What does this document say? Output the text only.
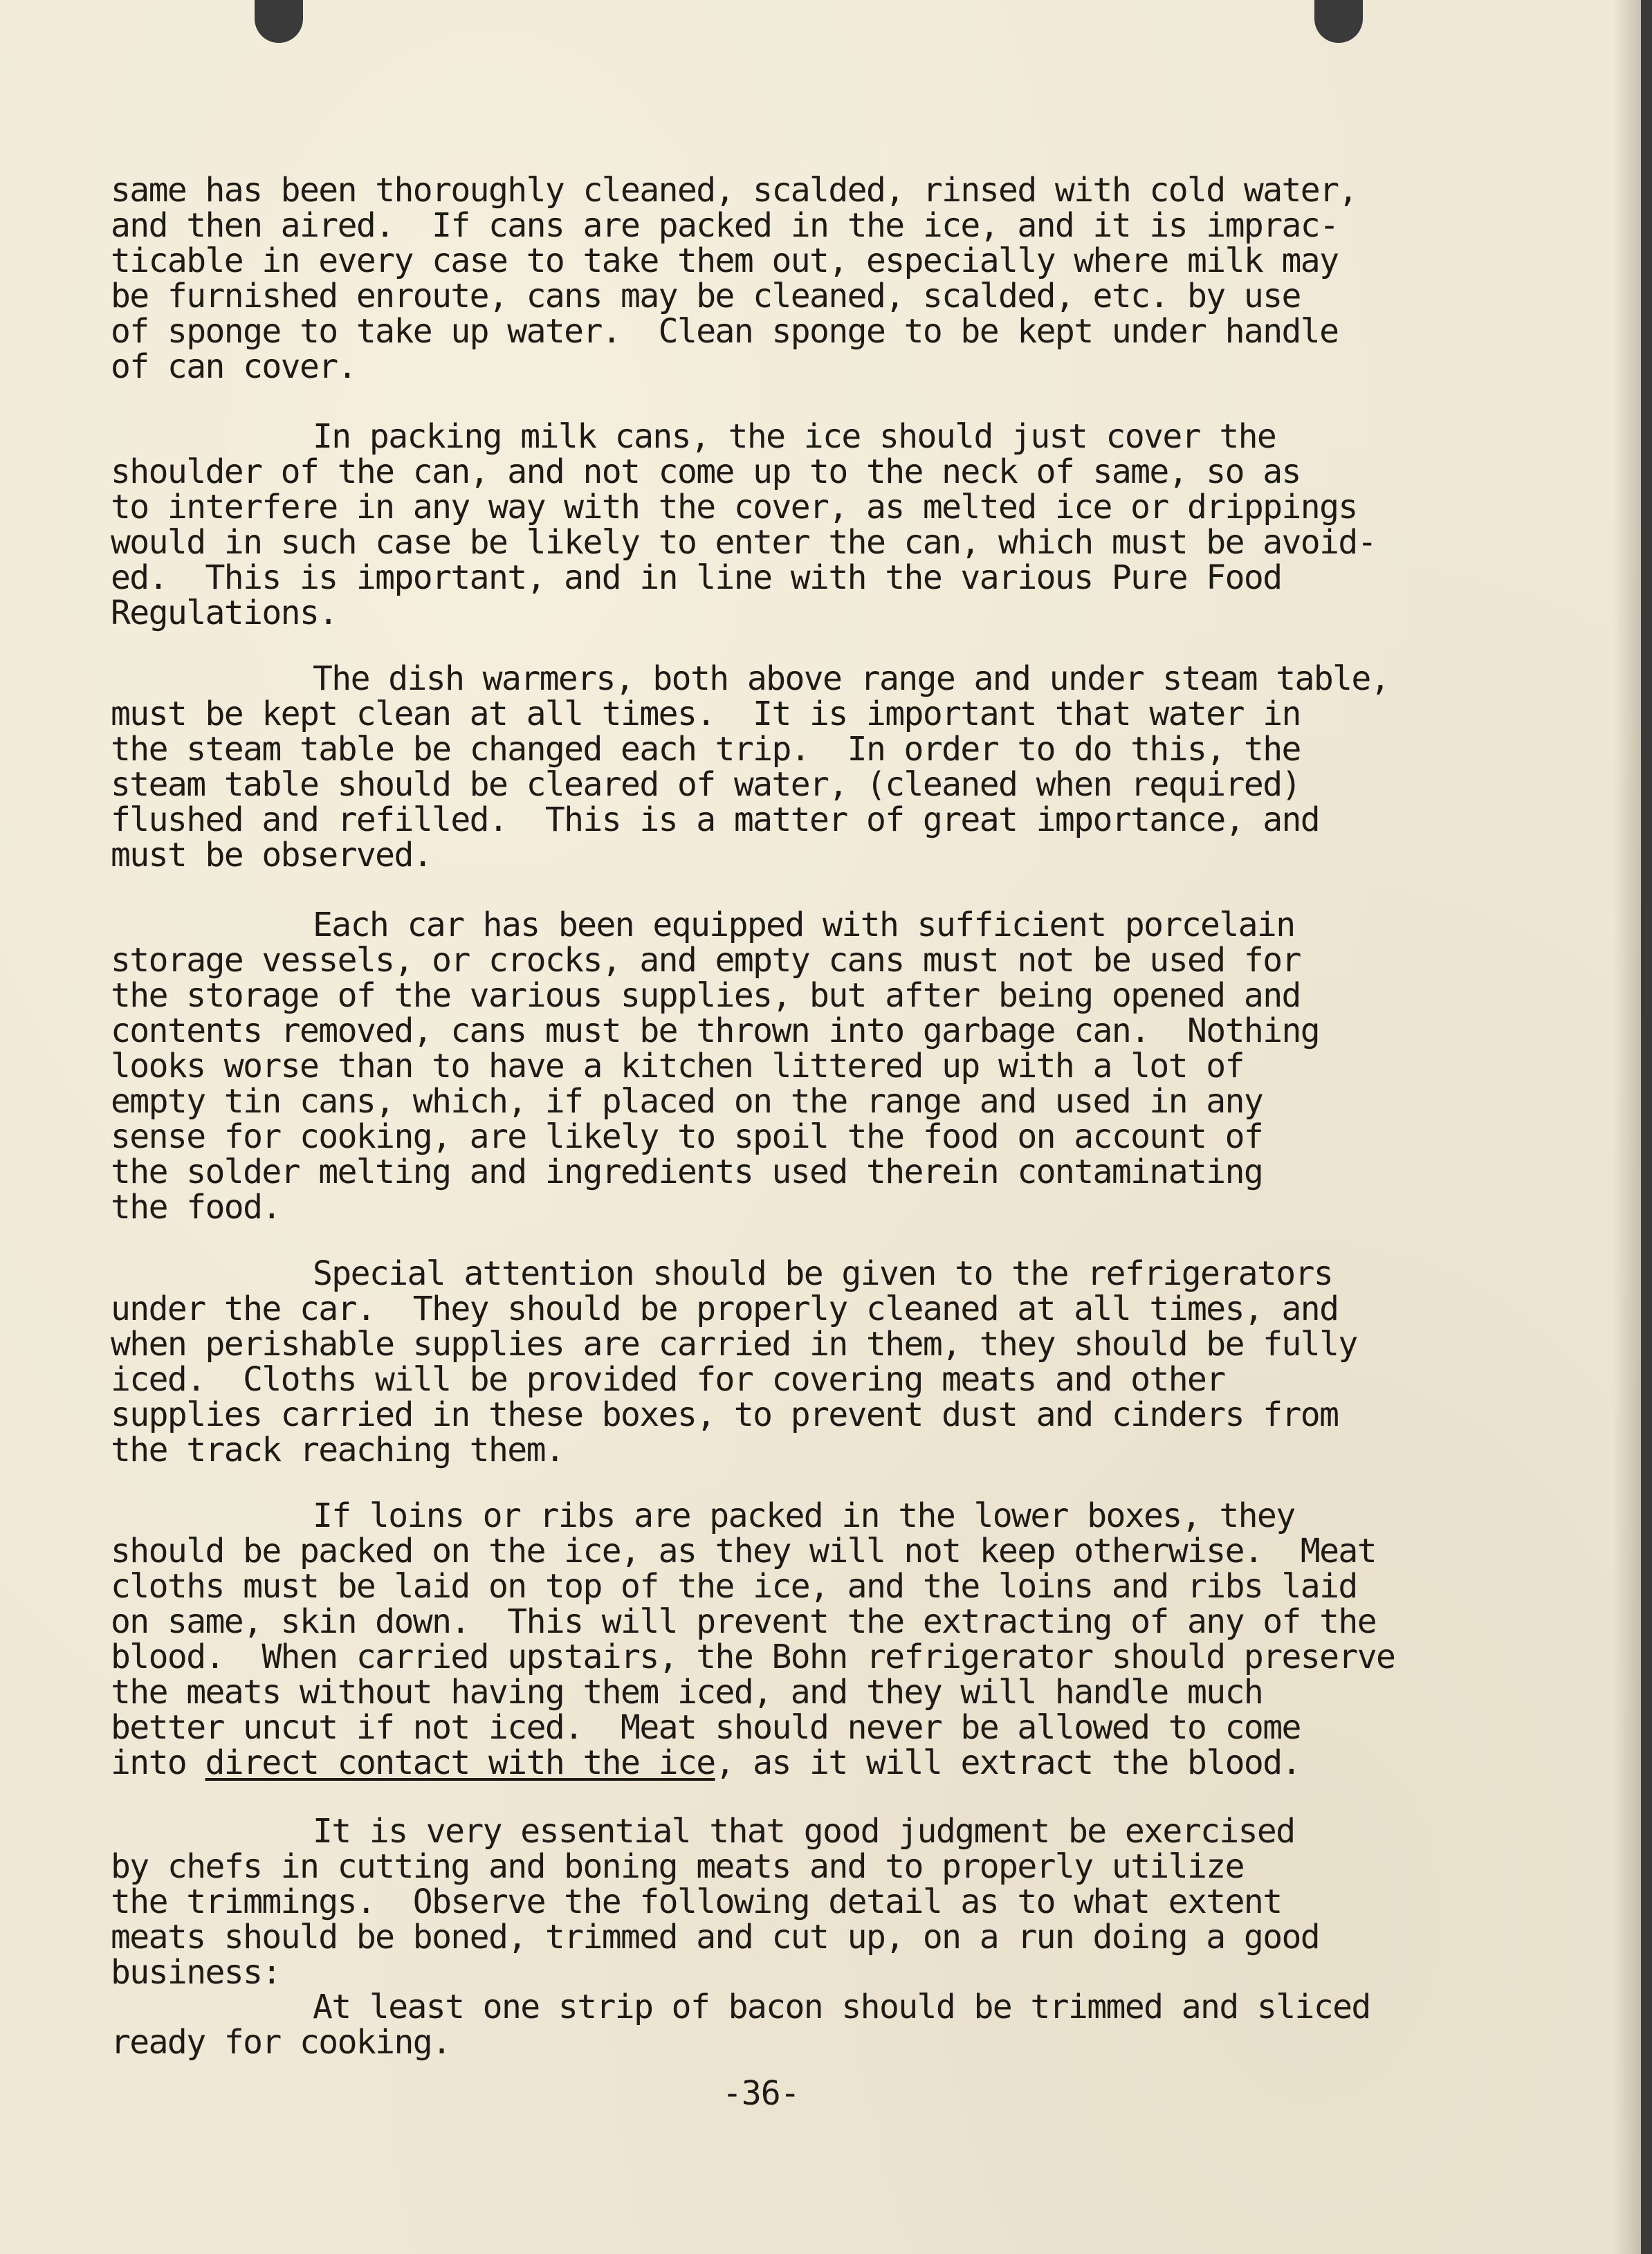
same has been thoroughly cleaned, scalded, rinsed with cold water,
and then aired.  If cans are packed in the ice, and it is imprac-
ticable in every case to take them out, especially where milk may
be furnished enroute, cans may be cleaned, scalded, etc. by use
of sponge to take up water.  Clean sponge to be kept under handle
of can cover.
In packing milk cans, the ice should just cover the
shoulder of the can, and not come up to the neck of same, so as
to interfere in any way with the cover, as melted ice or drippings
would in such case be likely to enter the can, which must be avoid-
ed.  This is important, and in line with the various Pure Food
Regulations.
The dish warmers, both above range and under steam table,
must be kept clean at all times.  It is important that water in
the steam table be changed each trip.  In order to do this, the
steam table should be cleared of water, (cleaned when required)
flushed and refilled.  This is a matter of great importance, and
must be observed.
Each car has been equipped with sufficient porcelain
storage vessels, or crocks, and empty cans must not be used for
the storage of the various supplies, but after being opened and
contents removed, cans must be thrown into garbage can.  Nothing
looks worse than to have a kitchen littered up with a lot of
empty tin cans, which, if placed on the range and used in any
sense for cooking, are likely to spoil the food on account of
the solder melting and ingredients used therein contaminating
the food.
Special attention should be given to the refrigerators
under the car.  They should be properly cleaned at all times, and
when perishable supplies are carried in them, they should be fully
iced.  Cloths will be provided for covering meats and other
supplies carried in these boxes, to prevent dust and cinders from
the track reaching them.
If loins or ribs are packed in the lower boxes, they
should be packed on the ice, as they will not keep otherwise.  Meat
cloths must be laid on top of the ice, and the loins and ribs laid
on same, skin down.  This will prevent the extracting of any of the
blood.  When carried upstairs, the Bohn refrigerator should preserve
the meats without having them iced, and they will handle much
better uncut if not iced.  Meat should never be allowed to come
into direct contact with the ice, as it will extract the blood.
It is very essential that good judgment be exercised
by chefs in cutting and boning meats and to properly utilize
the trimmings.  Observe the following detail as to what extent
meats should be boned, trimmed and cut up, on a run doing a good
business:
At least one strip of bacon should be trimmed and sliced
ready for cooking.
-36-
